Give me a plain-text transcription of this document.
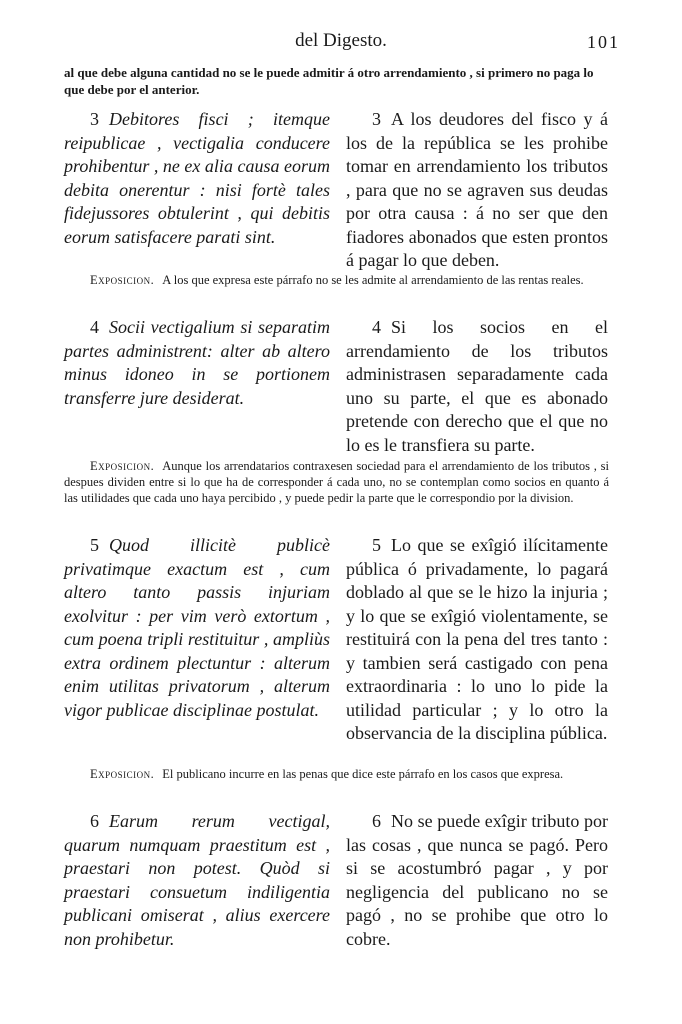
del Digesto.	101
al que debe alguna cantidad no se le puede admitir á otro arrendamiento , si primero no paga lo que debe por el anterior.
3 Debitores fisci ; itemque reipublicae , vectigalia conducere prohibentur , ne ex alia causa eorum debita onerentur : nisi fortè tales fidejussores obtulerint , qui debitis eorum satisfacere parati sint.
3 A los deudores del fisco y á los de la república se les prohibe tomar en arrendamiento los tributos , para que no se agraven sus deudas por otra causa : á no ser que den fiadores abonados que esten prontos á pagar lo que deben.
Exposicion. A los que expresa este párrafo no se les admite al arrendamiento de las rentas reales.
4 Socii vectigalium si separatim partes administrent: alter ab altero minus idoneo in se portionem transferre jure desiderat.
4 Si los socios en el arrendamiento de los tributos administrasen separadamente cada uno su parte, el que es abonado pretende con derecho que el que no lo es le transfiera su parte.
Exposicion. Aunque los arrendatarios contraxesen sociedad para el arrendamiento de los tributos , si despues dividen entre si lo que ha de corresponder á cada uno, no se contemplan como socios en quanto á las utilidades que cada uno haya percibido , y puede pedir la parte que le correspondio por la division.
5 Quod illicitè publicè privatimque exactum est , cum altero tanto passis injuriam exolvitur : per vim verò extortum , cum poena tripli restituitur , ampliùs extra ordinem plectuntur : alterum enim utilitas privatorum , alterum vigor publicae disciplinae postulat.
5 Lo que se exîgió ilícitamente pública ó privadamente, lo pagará doblado al que se le hizo la injuria ; y lo que se exîgió violentamente, se restituirá con la pena del tres tanto : y tambien será castigado con pena extraordinaria : lo uno lo pide la utilidad particular ; y lo otro la observancia de la disciplina pública.
Exposicion. El publicano incurre en las penas que dice este párrafo en los casos que expresa.
6 Earum rerum vectigal, quarum numquam praestitum est , praestari non potest. Quòd si praestari consuetum indiligentia publicani omiserat , alius exercere non prohibetur.
6 No se puede exîgir tributo por las cosas , que nunca se pagó. Pero si se acostumbró pagar , y por negligencia del publicano no se pagó , no se prohibe que otro lo cobre.
